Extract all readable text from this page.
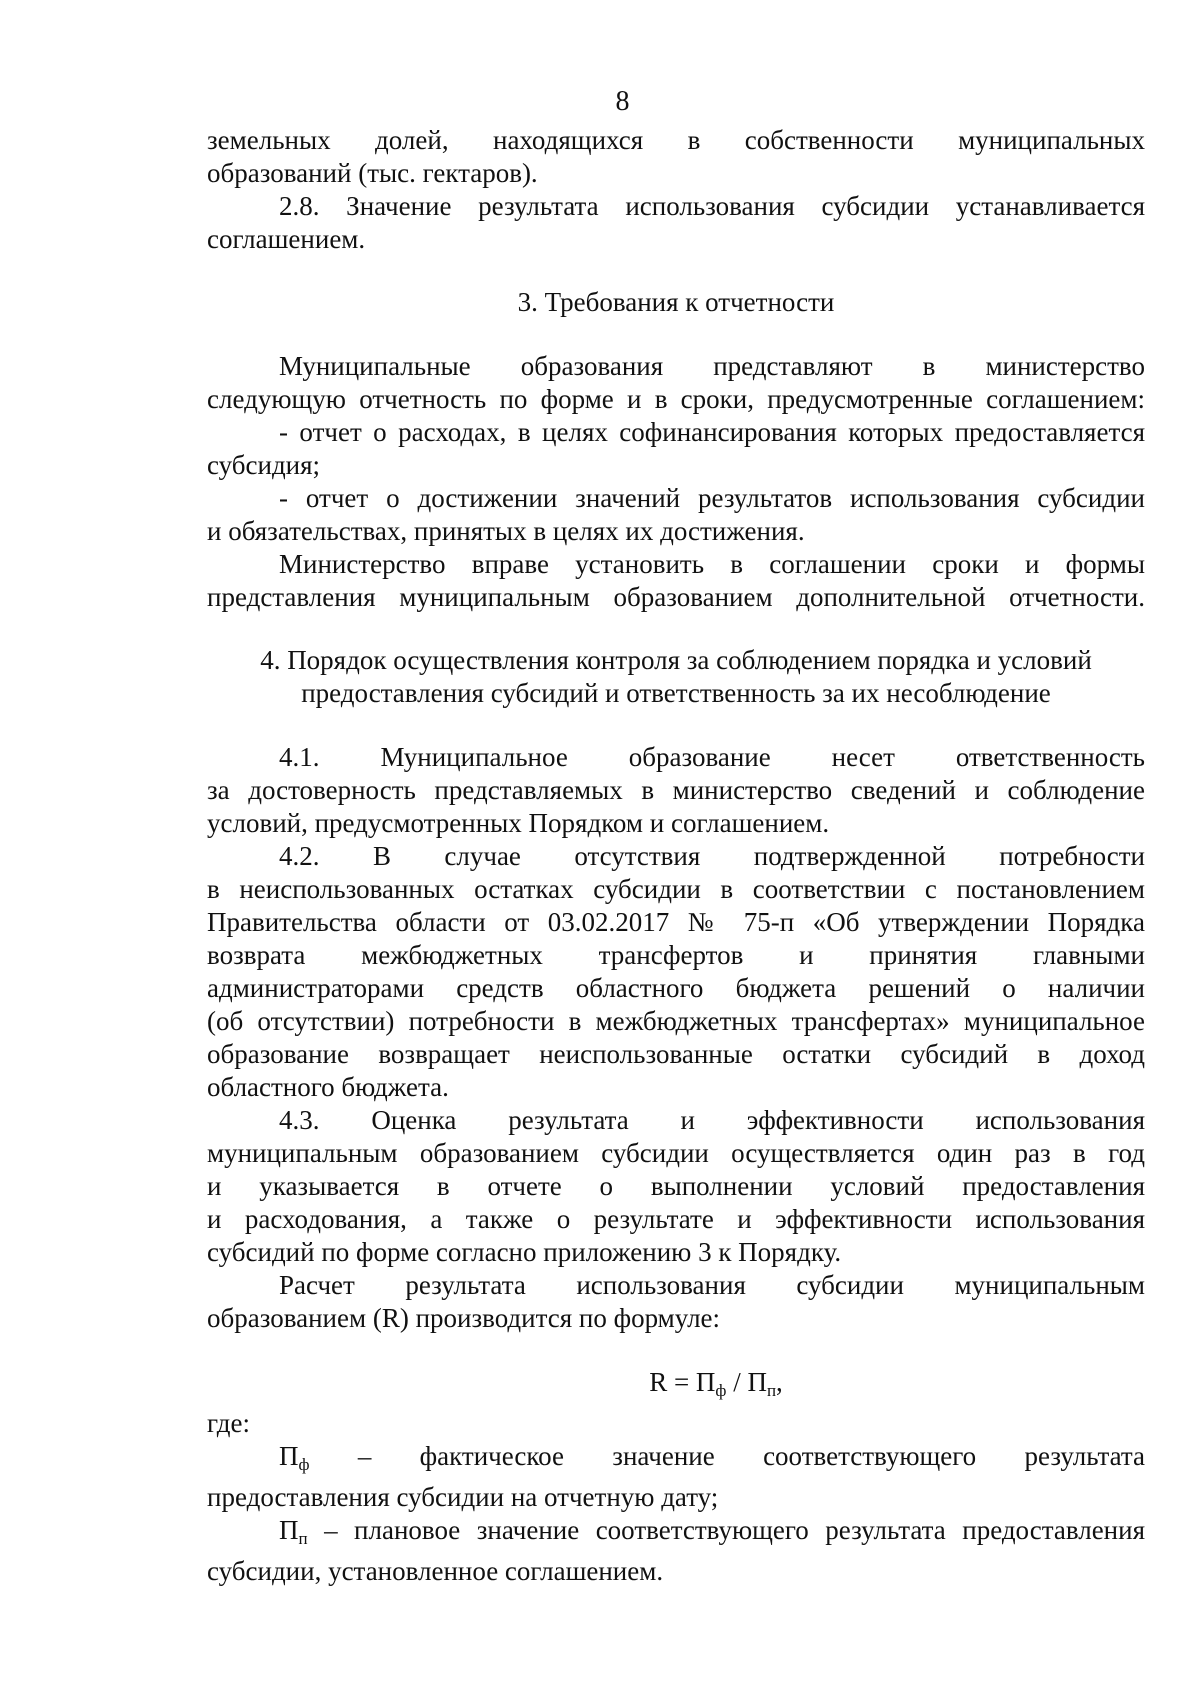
8

земельных долей, находящихся в собственности муниципальных

образований (тыс. гектаров).

2.8. Значение результата использования субсидии устанавливается

соглашением.

3. Требования к отчетности

Муниципальные образования представляют в министерство

следующую отчетность по форме и в сроки, предусмотренные соглашением:

- отчет о расходах, в целях софинансирования которых предоставляется

субсидия;

- отчет о достижении значений результатов использования субсидии

и обязательствах, принятых в целях их достижения.

Министерство вправе установить в соглашении сроки и формы

представления муниципальным образованием дополнительной отчетности.

4. Порядок осуществления контроля за соблюдением порядка и условий

предоставления субсидий и ответственность за их несоблюдение

4.1. Муниципальное образование несет ответственность

за достоверность представляемых в министерство сведений и соблюдение

условий, предусмотренных Порядком и соглашением.

4.2. В случае отсутствия подтвержденной потребности

в неиспользованных остатках субсидии в соответствии с постановлением

Правительства области от 03.02.2017 № 75-п «Об утверждении Порядка

возврата межбюджетных трансфертов и принятия главными

администраторами средств областного бюджета решений о наличии

(об отсутствии) потребности в межбюджетных трансфертах» муниципальное

образование возвращает неиспользованные остатки субсидий в доход

областного бюджета.

4.3. Оценка результата и эффективности использования

муниципальным образованием субсидии осуществляется один раз в год

и указывается в отчете о выполнении условий предоставления

и расходования, а также о результате и эффективности использования

субсидий по форме согласно приложению 3 к Порядку.

Расчет результата использования субсидии муниципальным

образованием (R) производится по формуле:

$R = П_ф / П_п$,

где:

$П_ф$ – фактическое значение соответствующего результата

предоставления субсидии на отчетную дату;

$П_п$ – плановое значение соответствующего результата предоставления

субсидии, установленное соглашением.
